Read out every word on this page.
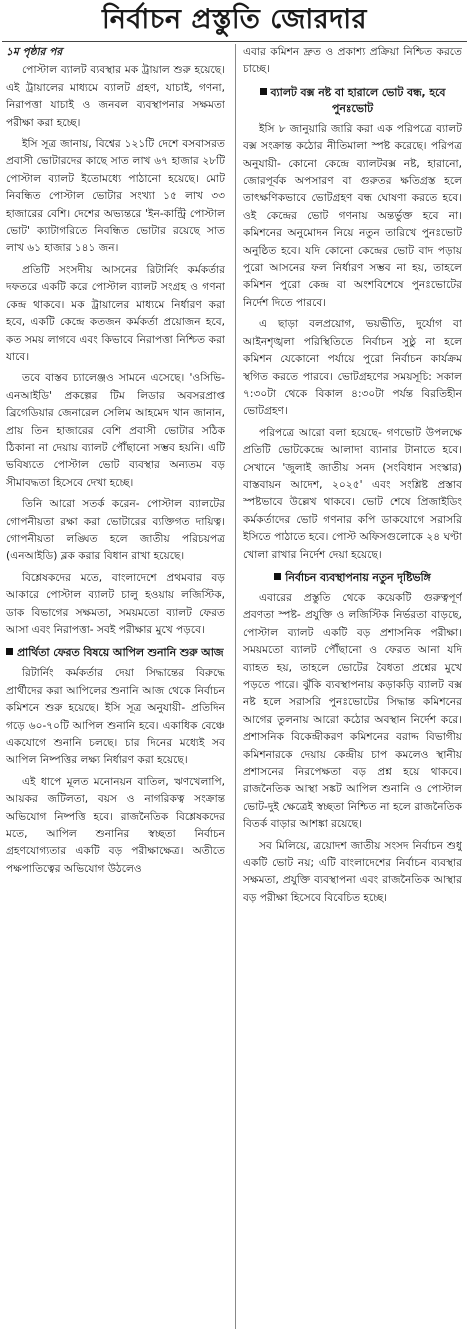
নির্বাচন প্রস্তুতি জোরদার
১ম পৃষ্ঠার পর

পোস্টাল ব্যালট ব্যবস্থার মক ট্রায়াল শুরু হয়েছে। এই ট্রায়ালের মাধ্যমে ব্যালট গ্রহণ, যাচাই, গণনা, নিরাপত্তা যাচাই ও জনবল ব্যবস্থাপনার সক্ষমতা পরীক্ষা করা হচ্ছে।

ইসি সূত্র জানায়, বিশ্বের ১২১টি দেশে বসবাসরত প্রবাসী ভোটারদের কাছে সাত লাখ ৬৭ হাজার ২৮টি পোস্টাল ব্যালট ইতোমধ্যে পাঠানো হয়েছে। মোট নিবন্ধিত পোস্টাল ভোটার সংখ্যা ১৫ লাখ ৩৩ হাজারের বেশি। দেশের অভ্যন্তরে 'ইন-কান্ট্রি পোস্টাল ভোট' ক্যাটাগরিতে নিবন্ধিত ভোটার রয়েছে সাত লাখ ৬১ হাজার ১৪১ জন।

প্রতিটি সংসদীয় আসনের রিটার্নিং কর্মকর্তার দফতরে একটি করে পোস্টাল ব্যালট সংগ্রহ ও গণনা কেন্দ্র থাকবে। মক ট্রায়ালের মাধ্যমে নির্ধারণ করা হবে, একটি কেন্দ্রে কতজন কর্মকর্তা প্রয়োজন হবে, কত সময় লাগবে এবং কিভাবে নিরাপত্তা নিশ্চিত করা যাবে।

তবে বাস্তব চ্যালেঞ্জও সামনে এসেছে। 'ওসিভি-এনআইডি' প্রকল্পের টিম লিডার অবসরপ্রাপ্ত ব্রিগেডিয়ার জেনারেল সেলিম আহমেদ খান জানান, প্রায় তিন হাজারের বেশি প্রবাসী ভোটার সঠিক ঠিকানা না দেয়ায় ব্যালট পৌঁছানো সম্ভব হয়নি। এটি ভবিষ্যতে পোস্টাল ভোট ব্যবস্থার অন্যতম বড় সীমাবদ্ধতা হিসেবে দেখা হচ্ছে।

তিনি আরো সতর্ক করেন- পোস্টাল ব্যালটের গোপনীয়তা রক্ষা করা ভোটারের ব্যক্তিগত দায়িত্ব। গোপনীয়তা লঙ্ঘিত হলে জাতীয় পরিচয়পত্র (এনআইডি) ব্লক করার বিধান রাখা হয়েছে।

বিশ্লেষকদের মতে, বাংলাদেশে প্রথমবার বড় আকারে পোস্টাল ব্যালট চালু হওয়ায় লজিস্টিক, ডাক বিভাগের সক্ষমতা, সময়মতো ব্যালট ফেরত আসা এবং নিরাপত্তা- সবই পরীক্ষার মুখে পড়বে।

প্রার্থিতা ফেরত বিষয়ে আপিল শুনানি শুরু আজ

রিটার্নিং কর্মকর্তার দেয়া সিদ্ধান্তের বিরুদ্ধে প্রার্থীদের করা আপিলের শুনানি আজ থেকে নির্বাচন কমিশনে শুরু হয়েছে। ইসি সূত্র অনুযায়ী- প্রতিদিন গড়ে ৬০-৭০টি আপিল শুনানি হবে। একাধিক বেঞ্চে একযোগে শুনানি চলছে। চার দিনের মধ্যেই সব আপিল নিষ্পত্তির লক্ষ্য নির্ধারণ করা হয়েছে।

এই ধাপে মূলত মনোনয়ন বাতিল, ঋণখেলাপি, আয়কর জটিলতা, বয়স ও নাগরিকত্ব সংক্রান্ত অভিযোগ নিষ্পত্তি হবে। রাজনৈতিক বিশ্লেষকদের মতে, আপিল শুনানির স্বচ্ছতা নির্বাচন গ্রহণযোগ্যতার একটি বড় পরীক্ষাক্ষেত্র। অতীতে পক্ষপাতিত্বের অভিযোগ উঠলেও

এবার কমিশন দ্রুত ও প্রকাশ্য প্রক্রিয়া নিশ্চিত করতে চাচ্ছে।

ব্যালট বক্স নষ্ট বা হারালে ভোট বন্ধ, হবে পুনঃভোট

ইসি ৮ জানুয়ারি জারি করা এক পরিপত্রে ব্যালট বক্স সংক্রান্ত কঠোর নীতিমালা স্পষ্ট করেছে। পরিপত্র অনুযায়ী- কোনো কেন্দ্রে ব্যালটবক্স নষ্ট, হারানো, জোরপূর্বক অপসারণ বা গুরুতর ক্ষতিগ্রস্ত হলে তাৎক্ষণিকভাবে ভোটগ্রহণ বন্ধ ঘোষণা করতে হবে। ওই কেন্দ্রের ভোট গণনায় অন্তর্ভুক্ত হবে না। কমিশনের অনুমোদন নিয়ে নতুন তারিখে পুনঃভোট অনুষ্ঠিত হবে। যদি কোনো কেন্দ্রের ভোট বাদ পড়ায় পুরো আসনের ফল নির্ধারণ সম্ভব না হয়, তাহলে কমিশন পুরো কেন্দ্র বা অংশবিশেষে পুনঃভোটের নির্দেশ দিতে পারবে।

এ ছাড়া বলপ্রয়োগ, ভয়ভীতি, দুর্যোগ বা আইনশৃঙ্খলা পরিস্থিতিতে নির্বাচন সুষ্ঠু না হলে কমিশন যেকোনো পর্যায়ে পুরো নির্বাচন কার্যক্রম স্থগিত করতে পারবে। ভোটগ্রহণের সময়সূচি: সকাল ৭:৩০টা থেকে বিকাল ৪:৩০টা পর্যন্ত বিরতিহীন ভোটগ্রহণ।

পরিপত্রে আরো বলা হয়েছে- গণভোট উপলক্ষে প্রতিটি ভোটকেন্দ্রে আলাদা ব্যানার টানাতে হবে। সেখানে 'জুলাই জাতীয় সনদ (সংবিধান সংস্কার) বাস্তবায়ন আদেশ, ২০২৫' এবং সংশ্লিষ্ট প্রস্তাব স্পষ্টভাবে উল্লেখ থাকবে। ভোট শেষে প্রিজাইডিং কর্মকর্তাদের ভোট গণনার কপি ডাকযোগে সরাসরি ইসিতে পাঠাতে হবে। পোস্ট অফিসগুলোকে ২৪ ঘণ্টা খোলা রাখার নির্দেশ দেয়া হয়েছে।

নির্বাচন ব্যবস্থাপনায় নতুন দৃষ্টিভঙ্গি

এবারের প্রস্তুতি থেকে কয়েকটি গুরুত্বপূর্ণ প্রবণতা স্পষ্ট- প্রযুক্তি ও লজিস্টিক নির্ভরতা বাড়ছে, পোস্টাল ব্যালট একটি বড় প্রশাসনিক পরীক্ষা। সময়মতো ব্যালট পৌঁছানো ও ফেরত আনা যদি ব্যাহত হয়, তাহলে ভোটের বৈধতা প্রশ্নের মুখে পড়তে পারে। ঝুঁকি ব্যবস্থাপনায় কড়াকড়ি ব্যালট বক্স নষ্ট হলে সরাসরি পুনঃভোটের সিদ্ধান্ত কমিশনের আগের তুলনায় আরো কঠোর অবস্থান নির্দেশ করে। প্রশাসনিক বিকেন্দ্রীকরণ কমিশনের বরাদ্দ বিভাগীয় কমিশনারকে দেয়ায় কেন্দ্রীয় চাপ কমলেও স্থানীয় প্রশাসনের নিরপেক্ষতা বড় প্রশ্ন হয়ে থাকবে। রাজনৈতিক আস্থা সঙ্কট আপিল শুনানি ও পোস্টাল ভোট-দুই ক্ষেত্রেই স্বচ্ছতা নিশ্চিত না হলে রাজনৈতিক বিতর্ক বাড়ার আশঙ্কা রয়েছে।

সব মিলিয়ে, ত্রয়োদশ জাতীয় সংসদ নির্বাচন শুধু একটি ভোট নয়; এটি বাংলাদেশের নির্বাচন ব্যবস্থার সক্ষমতা, প্রযুক্তি ব্যবস্থাপনা এবং রাজনৈতিক আস্থার বড় পরীক্ষা হিসেবে বিবেচিত হচ্ছে।
